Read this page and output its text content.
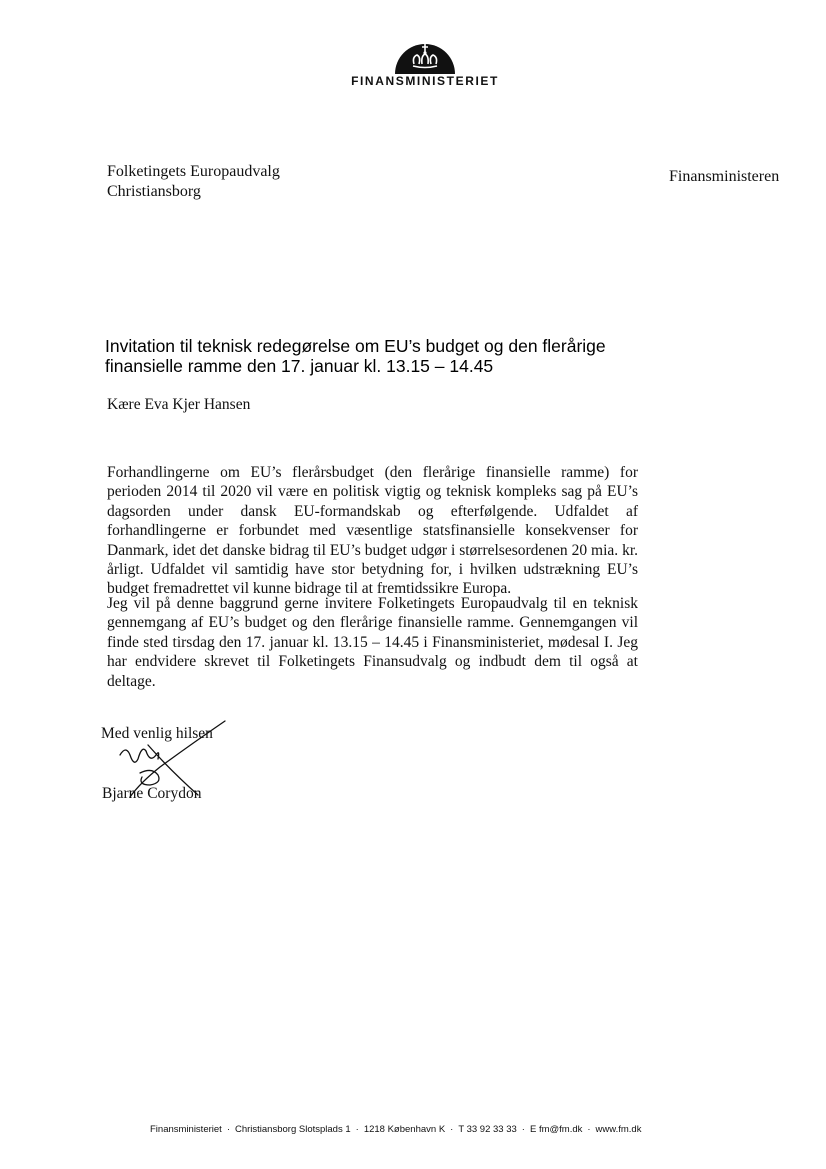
FINANSMINISTERIET
Folketingets Europaudvalg
Christiansborg
Finansministeren
Invitation til teknisk redegørelse om EU’s budget og den flerårige finansielle ramme den 17. januar kl. 13.15 – 14.45
Kære Eva Kjer Hansen

Forhandlingerne om EU’s flerårsbudget (den flerårige finansielle ramme) for perioden 2014 til 2020 vil være en politisk vigtig og teknisk kompleks sag på EU’s dagsorden under dansk EU-formandskab og efterfølgende. Udfaldet af forhandlingerne er forbundet med væsentlige statsfinansielle konsekvenser for Danmark, idet det danske bidrag til EU’s budget udgør i størrelsesordenen 20 mia. kr. årligt. Udfaldet vil samtidig have stor betydning for, i hvilken udstrækning EU’s budget fremadrettet vil kunne bidrage til at fremtidssikre Europa.

Jeg vil på denne baggrund gerne invitere Folketingets Europaudvalg til en teknisk gennemgang af EU’s budget og den flerårige finansielle ramme. Gennemgangen vil finde sted tirsdag den 17. januar kl. 13.15 – 14.45 i Finansministeriet, mødesal I. Jeg har endvidere skrevet til Folketingets Finansudvalg og indbudt dem til også at deltage.

Med venlig hilsen
Bjarne Corydon
Finansministeriet · Christiansborg Slotsplads 1 · 1218 København K · T 33 92 33 33 · E fm@fm.dk · www.fm.dk
